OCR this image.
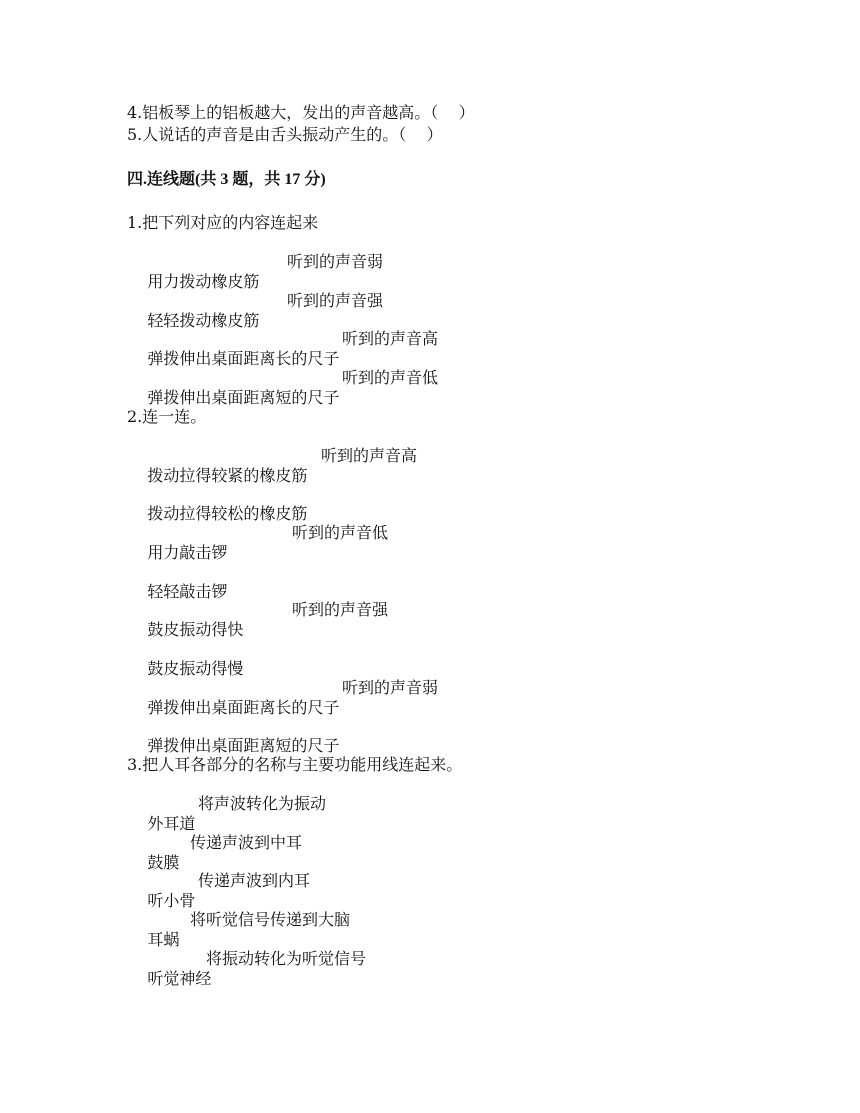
4.铝板琴上的铝板越大，发出的声音越高。（    ）
5.人说话的声音是由舌头振动产生的。（    ）
四.连线题(共 3 题，共 17 分)
1.把下列对应的内容连起来

用力拨动橡皮筋

听到的声音弱

轻轻拨动橡皮筋

听到的声音强

弹拨伸出桌面距离长的尺子

听到的声音高

弹拨伸出桌面距离短的尺子

听到的声音低

2.连一连。

拨动拉得较紧的橡皮筋

听到的声音高

拨动拉得较松的橡皮筋

用力敲击锣

听到的声音低

轻轻敲击锣

鼓皮振动得快

听到的声音强

鼓皮振动得慢

弹拨伸出桌面距离长的尺子

听到的声音弱

弹拨伸出桌面距离短的尺子

3.把人耳各部分的名称与主要功能用线连起来。

外耳道

将声波转化为振动

鼓膜

传递声波到中耳

听小骨

传递声波到内耳

耳蜗

将听觉信号传递到大脑

听觉神经

将振动转化为听觉信号
